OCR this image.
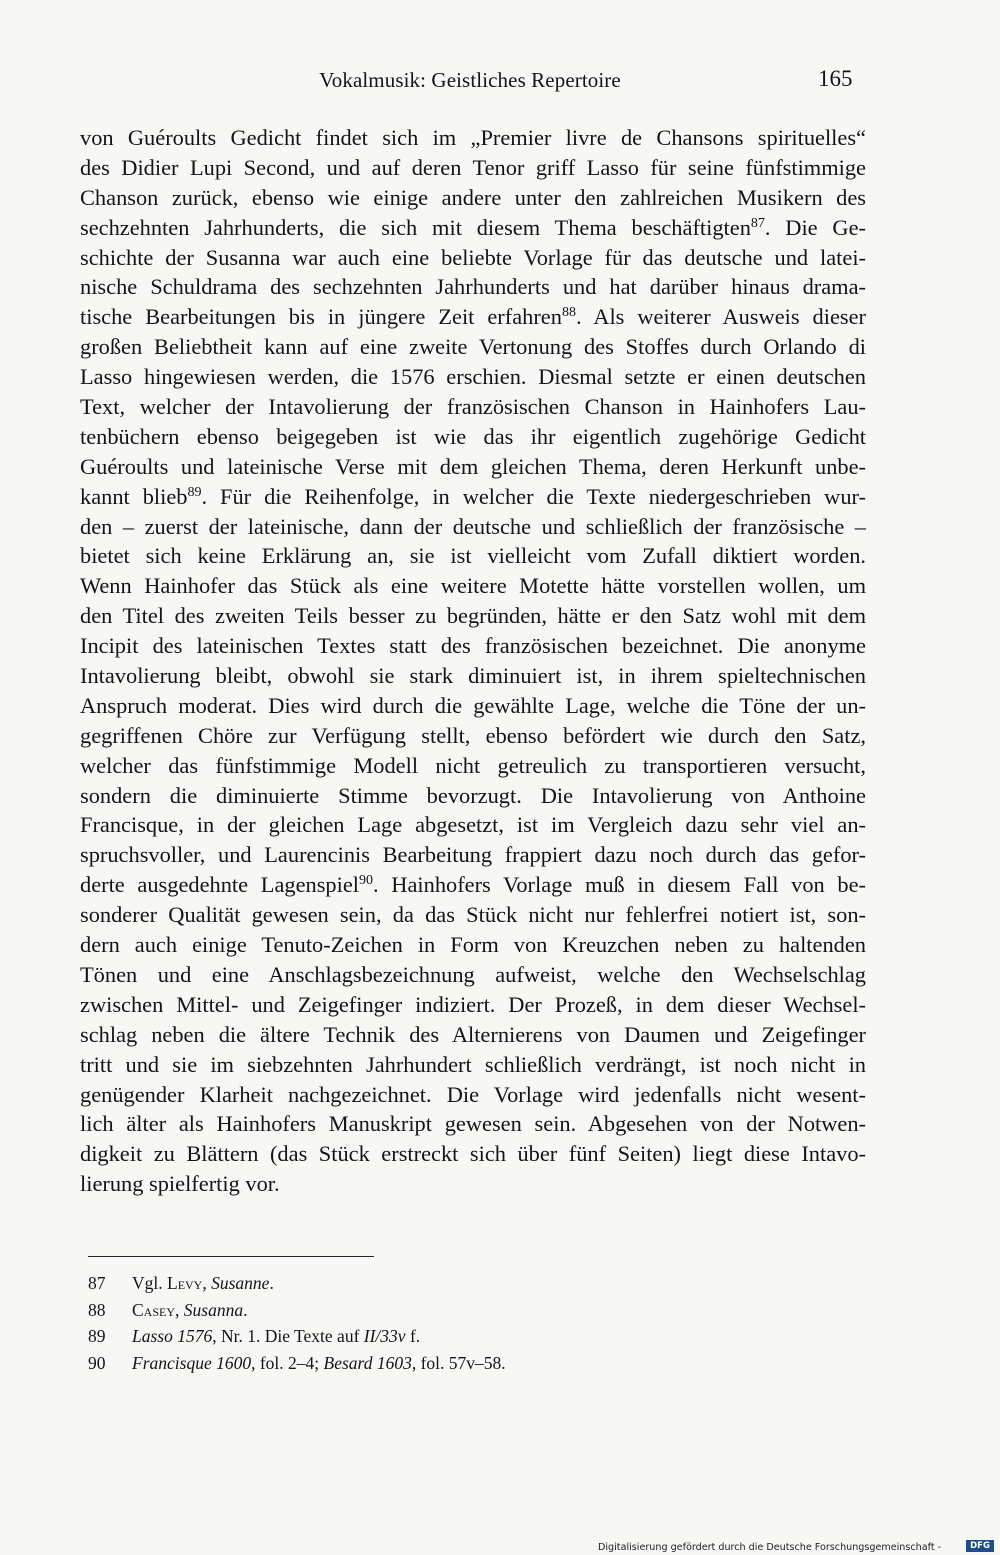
Vokalmusik: Geistliches Repertoire	165
von Guéroults Gedicht findet sich im „Premier livre de Chansons spirituelles“
des Didier Lupi Second, und auf deren Tenor griff Lasso für seine fünfstimmige
Chanson zurück, ebenso wie einige andere unter den zahlreichen Musikern des
sechzehnten Jahrhunderts, die sich mit diesem Thema beschäftigten$^{87}$. Die Ge-
schichte der Susanna war auch eine beliebte Vorlage für das deutsche und latei-
nische Schuldrama des sechzehnten Jahrhunderts und hat darüber hinaus drama-
tische Bearbeitungen bis in jüngere Zeit erfahren$^{88}$. Als weiterer Ausweis dieser
großen Beliebtheit kann auf eine zweite Vertonung des Stoffes durch Orlando di
Lasso hingewiesen werden, die 1576 erschien. Diesmal setzte er einen deutschen
Text, welcher der Intavolierung der französischen Chanson in Hainhofers Lau-
tenbüchern ebenso beigegeben ist wie das ihr eigentlich zugehörige Gedicht
Guéroults und lateinische Verse mit dem gleichen Thema, deren Herkunft unbe-
kannt blieb$^{89}$. Für die Reihenfolge, in welcher die Texte niedergeschrieben wur-
den – zuerst der lateinische, dann der deutsche und schließlich der französische –
bietet sich keine Erklärung an, sie ist vielleicht vom Zufall diktiert worden.
Wenn Hainhofer das Stück als eine weitere Motette hätte vorstellen wollen, um
den Titel des zweiten Teils besser zu begründen, hätte er den Satz wohl mit dem
Incipit des lateinischen Textes statt des französischen bezeichnet. Die anonyme
Intavolierung bleibt, obwohl sie stark diminuiert ist, in ihrem spieltechnischen
Anspruch moderat. Dies wird durch die gewählte Lage, welche die Töne der un-
gegriffenen Chöre zur Verfügung stellt, ebenso befördert wie durch den Satz,
welcher das fünfstimmige Modell nicht getreulich zu transportieren versucht,
sondern die diminuierte Stimme bevorzugt. Die Intavolierung von Anthoine
Francisque, in der gleichen Lage abgesetzt, ist im Vergleich dazu sehr viel an-
spruchsvoller, und Laurencinis Bearbeitung frappiert dazu noch durch das gefor-
derte ausgedehnte Lagenspiel$^{90}$. Hainhofers Vorlage muß in diesem Fall von be-
sonderer Qualität gewesen sein, da das Stück nicht nur fehlerfrei notiert ist, son-
dern auch einige Tenuto-Zeichen in Form von Kreuzchen neben zu haltenden
Tönen und eine Anschlagsbezeichnung aufweist, welche den Wechselschlag
zwischen Mittel- und Zeigefinger indiziert. Der Prozeß, in dem dieser Wechsel-
schlag neben die ältere Technik des Alternierens von Daumen und Zeigefinger
tritt und sie im siebzehnten Jahrhundert schließlich verdrängt, ist noch nicht in
genügender Klarheit nachgezeichnet. Die Vorlage wird jedenfalls nicht wesent-
lich älter als Hainhofers Manuskript gewesen sein. Abgesehen von der Notwen-
digkeit zu Blättern (das Stück erstreckt sich über fünf Seiten) liegt diese Intavo-
lierung spielfertig vor.
87	Vgl. Levy, Susanne.
88	Casey, Susanna.
89	Lasso 1576, Nr. 1. Die Texte auf II/33v f.
90	Francisque 1600, fol. 2–4; Besard 1603, fol. 57v–58.
Digitalisierung gefördert durch die Deutsche Forschungsgemeinschaft -	DFG
